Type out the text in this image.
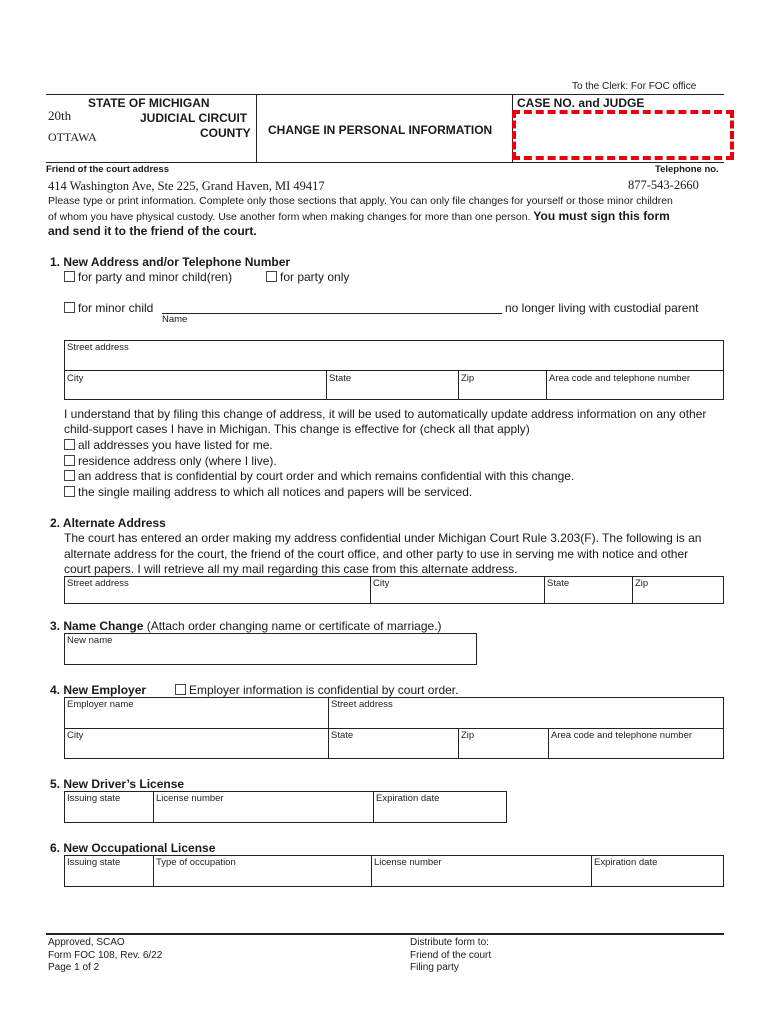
To the Clerk: For FOC office
STATE OF MICHIGAN
20th	JUDICIAL CIRCUIT
OTTAWA	COUNTY CHANGE IN PERSONAL INFORMATION
CASE NO. and JUDGE
Friend of the court address	Telephone no.
414 Washington Ave, Ste 225, Grand Haven, MI 49417	877-543-2660
Please type or print information. Complete only those sections that apply. You can only file changes for yourself or those minor children
of whom you have physical custody. Use another form when making changes for more than one person. You must sign this form
and send it to the friend of the court.
1. New Address and/or Telephone Number
for party and minor child(ren)	for party only
for minor child
Name
no longer living with custodial parent
Street address
City	State	Zip	Area code and telephone number
I understand that by filing this change of address, it will be used to automatically update address information on any other
child-support cases I have in Michigan. This change is effective for (check all that apply)
all addresses you have listed for me.
residence address only (where I live).
an address that is confidential by court order and which remains confidential with this change.
the single mailing address to which all notices and papers will be serviced.
2. Alternate Address
The court has entered an order making my address confidential under Michigan Court Rule 3.203(F). The following is an
alternate address for the court, the friend of the court office, and other party to use in serving me with notice and other
court papers. I will retrieve all my mail regarding this case from this alternate address.
Street address	City	State	Zip
3. Name Change (Attach order changing name or certificate of marriage.)
New name
4. New Employer	Employer information is confidential by court order.
Employer name	Street address
City	State	Zip	Area code and telephone number
5. New Driver’s License
Issuing state	License number	Expiration date
6. New Occupational License
Issuing state	Type of occupation	License number	Expiration date
Approved, SCAO
Form FOC 108, Rev. 6/22
Page 1 of 2
Distribute form to:
Friend of the court
Filing party
